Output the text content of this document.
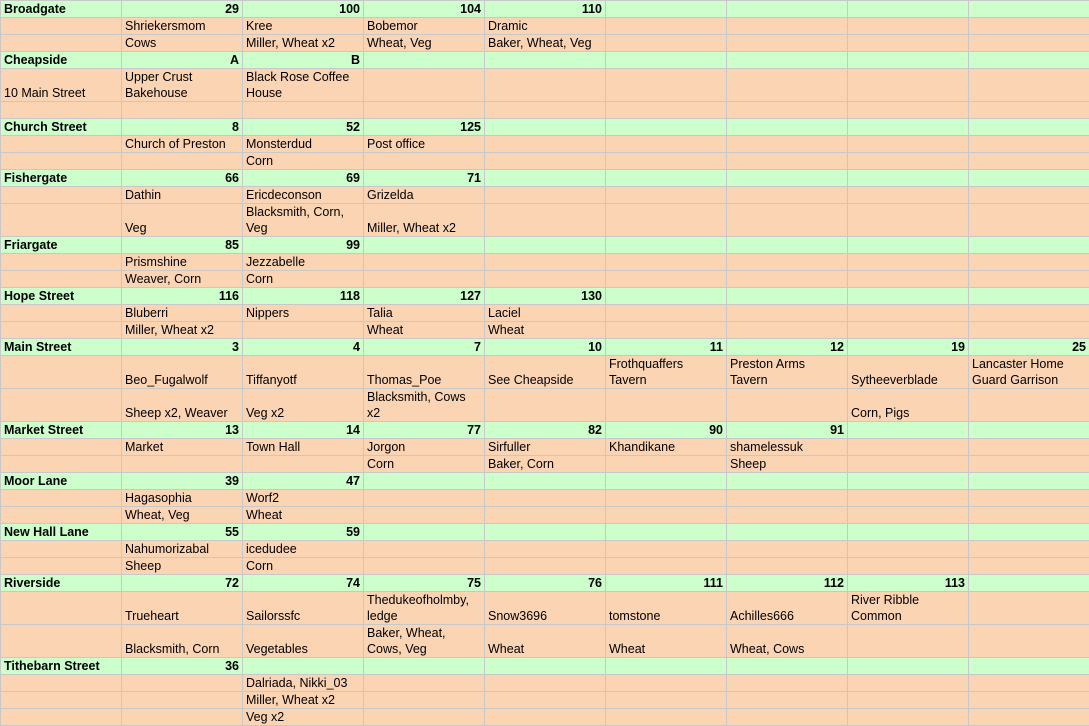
Broadgate	29	100	104	110				
	Shriekersmom	Kree	Bobemor	Dramic				
	Cows	Miller, Wheat x2	Wheat, Veg	Baker, Wheat, Veg				
Cheapside	A	B						
10 Main Street	Upper Crust Bakehouse	Black Rose Coffee House						

Church Street	8	52	125					
	Church of Preston	Monsterdud	Post office					
		Corn						
Fishergate	66	69	71					
	Dathin	Ericdeconson	Grizelda					
	Veg	Blacksmith, Corn, Veg	Miller, Wheat x2					
Friargate	85	99						
	Prismshine	Jezzabelle						
	Weaver, Corn	Corn						
Hope Street	116	118	127	130				
	Bluberri	Nippers	Talia	Laciel				
	Miller, Wheat x2		Wheat	Wheat				
Main Street	3	4	7	10	11	12	19	25
	Beo_Fugalwolf	Tiffanyotf	Thomas_Poe	See Cheapside	Frothquaffers Tavern	Preston Arms Tavern	Sytheeverblade	Lancaster Home Guard Garrison
	Sheep x2, Weaver	Veg x2	Blacksmith, Cows x2				Corn, Pigs	
Market Street	13	14	77	82	90	91		
	Market	Town Hall	Jorgon	Sirfuller	Khandikane	shamelessuk		
			Corn	Baker, Corn		Sheep		
Moor Lane	39	47						
	Hagasophia	Worf2						
	Wheat, Veg	Wheat						
New Hall Lane	55	59						
	Nahumorizabal	icedudee						
	Sheep	Corn						
Riverside	72	74	75	76	111	112	113	
	Trueheart	Sailorssfc	Thedukeofholmby, ledge	Snow3696	tomstone	Achilles666	River Ribble Common	
	Blacksmith, Corn	Vegetables	Baker, Wheat, Cows, Veg	Wheat	Wheat	Wheat, Cows		
Tithebarn Street	36							
		Dalriada, Nikki_03						
		Miller, Wheat x2						
		Veg x2						
